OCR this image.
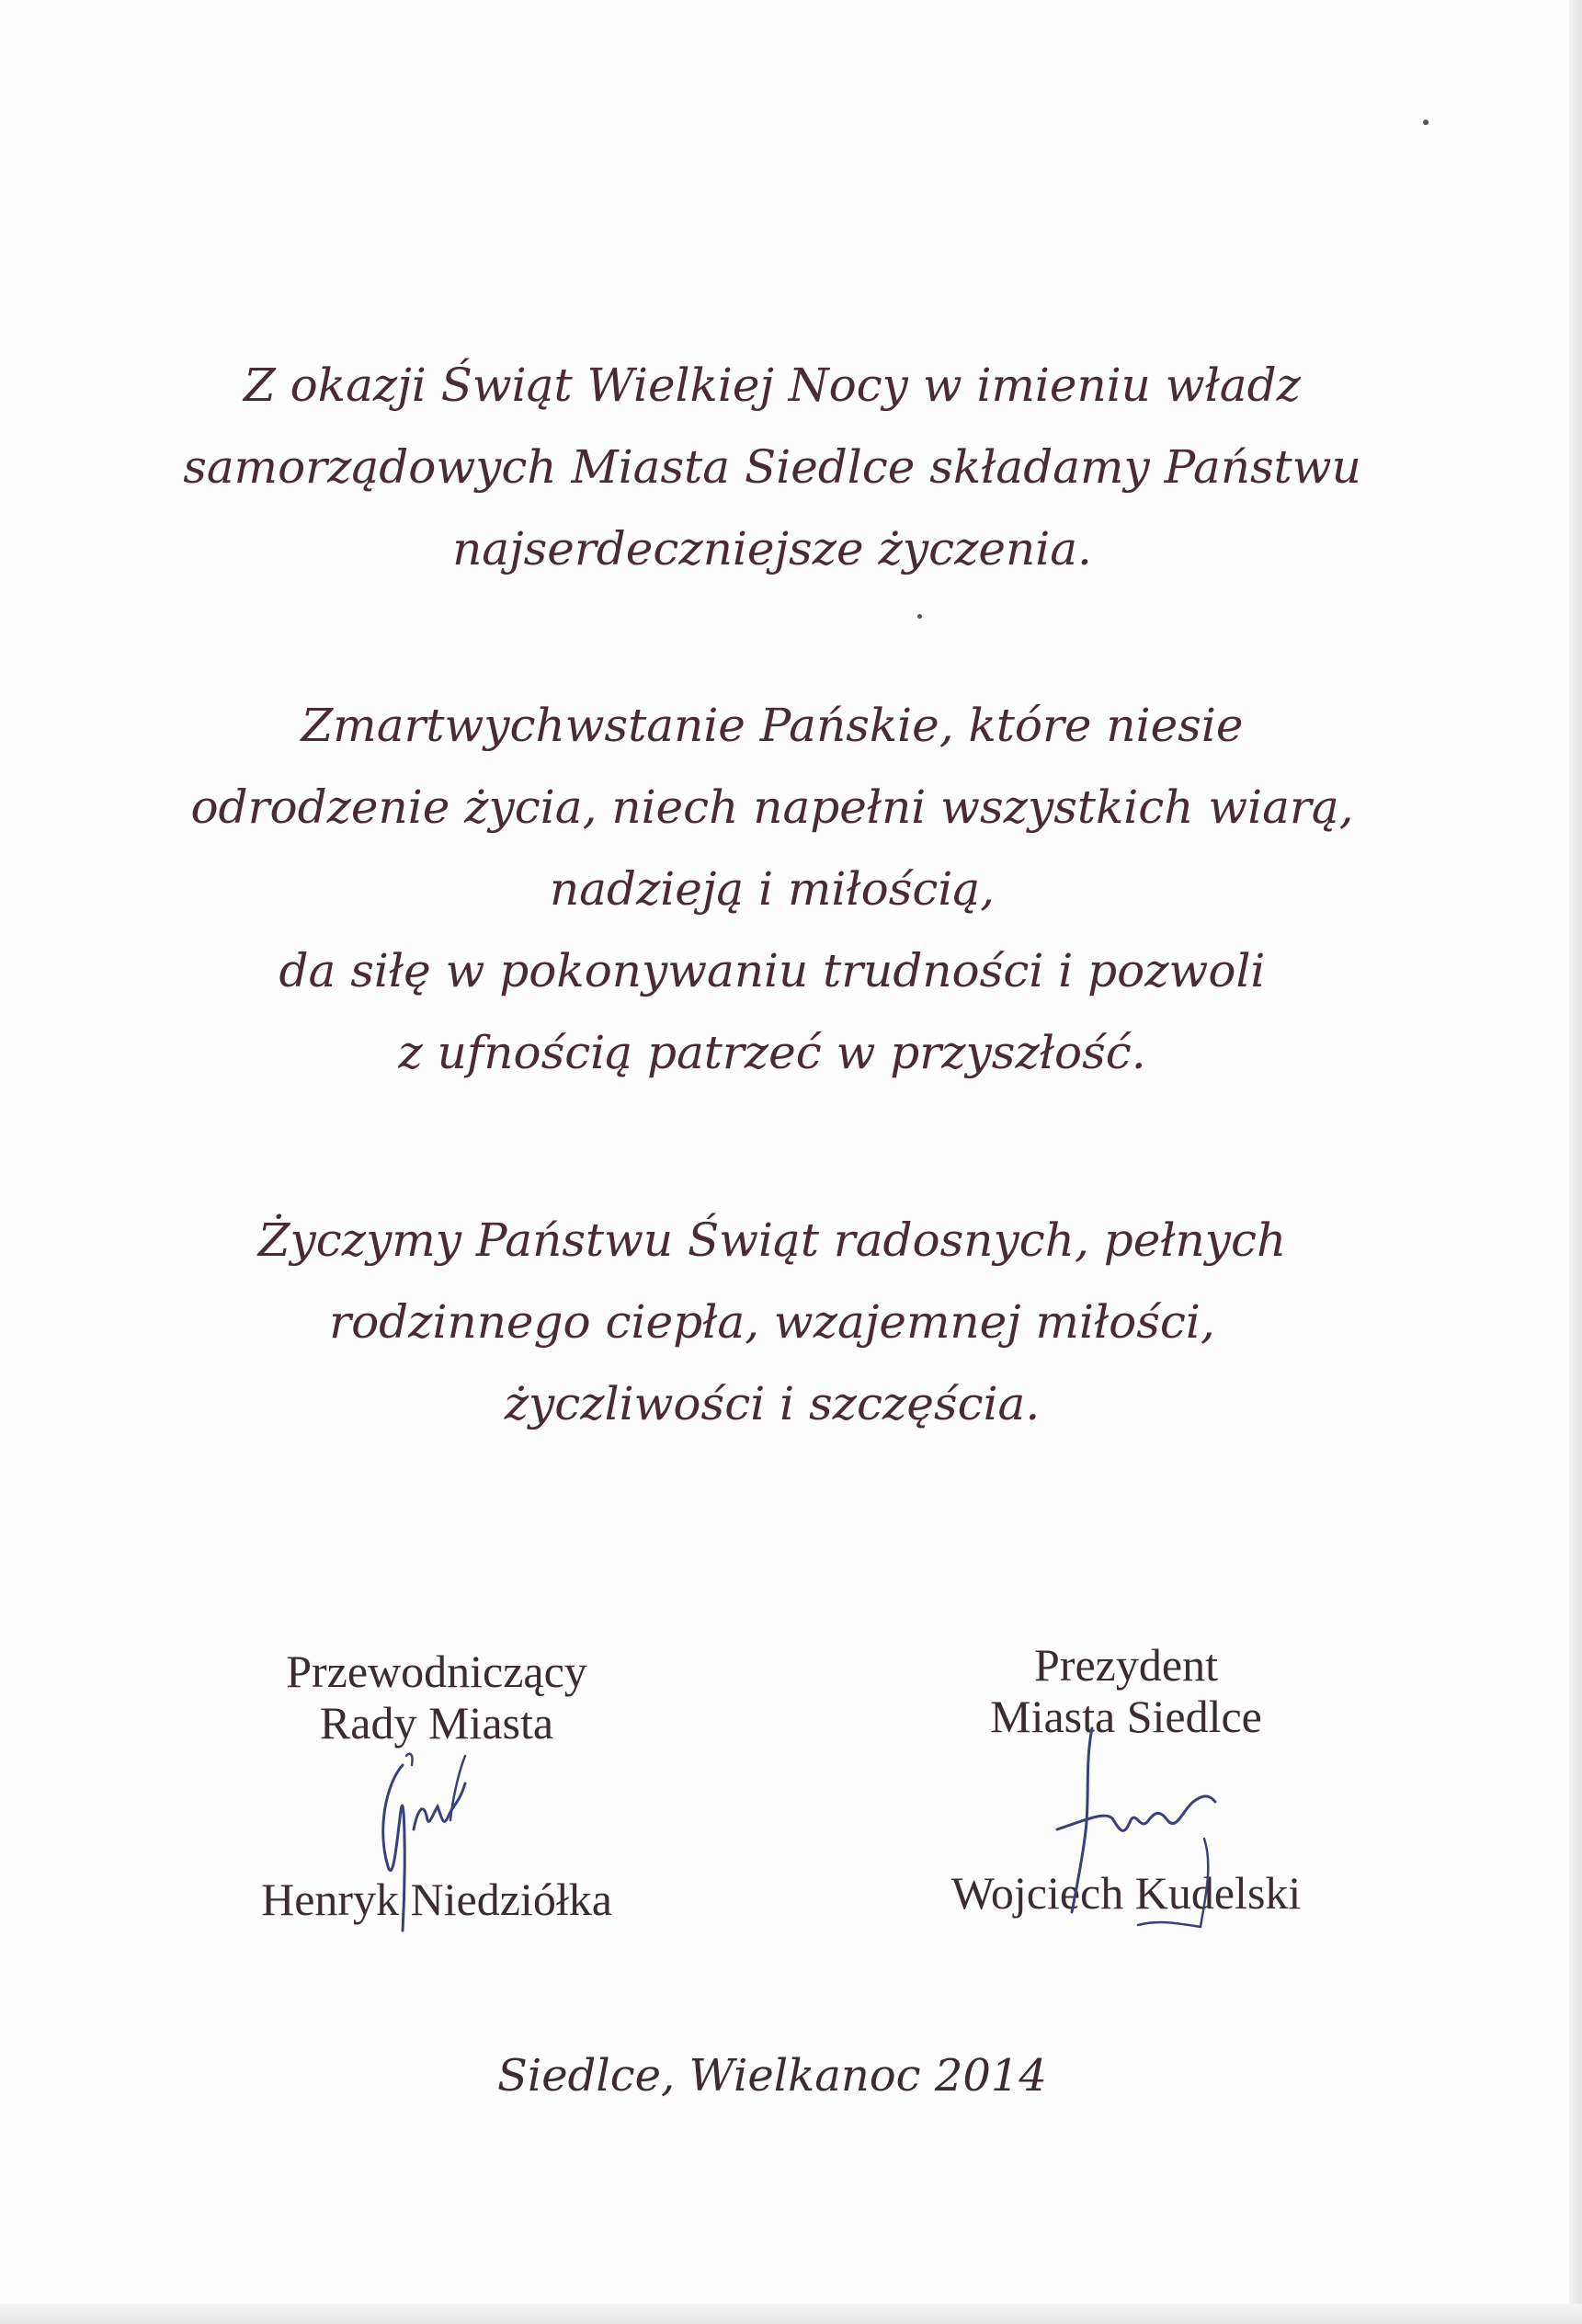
Z okazji Świąt Wielkiej Nocy w imieniu władz
samorządowych Miasta Siedlce składamy Państwu
najserdeczniejsze życzenia.
Zmartwychwstanie Pańskie, które niesie
odrodzenie życia, niech napełni wszystkich wiarą,
nadzieją i miłością,
da siłę w pokonywaniu trudności i pozwoli
z ufnością patrzeć w przyszłość.
Życzymy Państwu Świąt radosnych, pełnych
rodzinnego ciepła, wzajemnej miłości,
życzliwości i szczęścia.
Przewodniczący
Rady Miasta
Henryk Niedziółka
Prezydent
Miasta Siedlce
Wojciech Kudelski
Siedlce, Wielkanoc 2014
